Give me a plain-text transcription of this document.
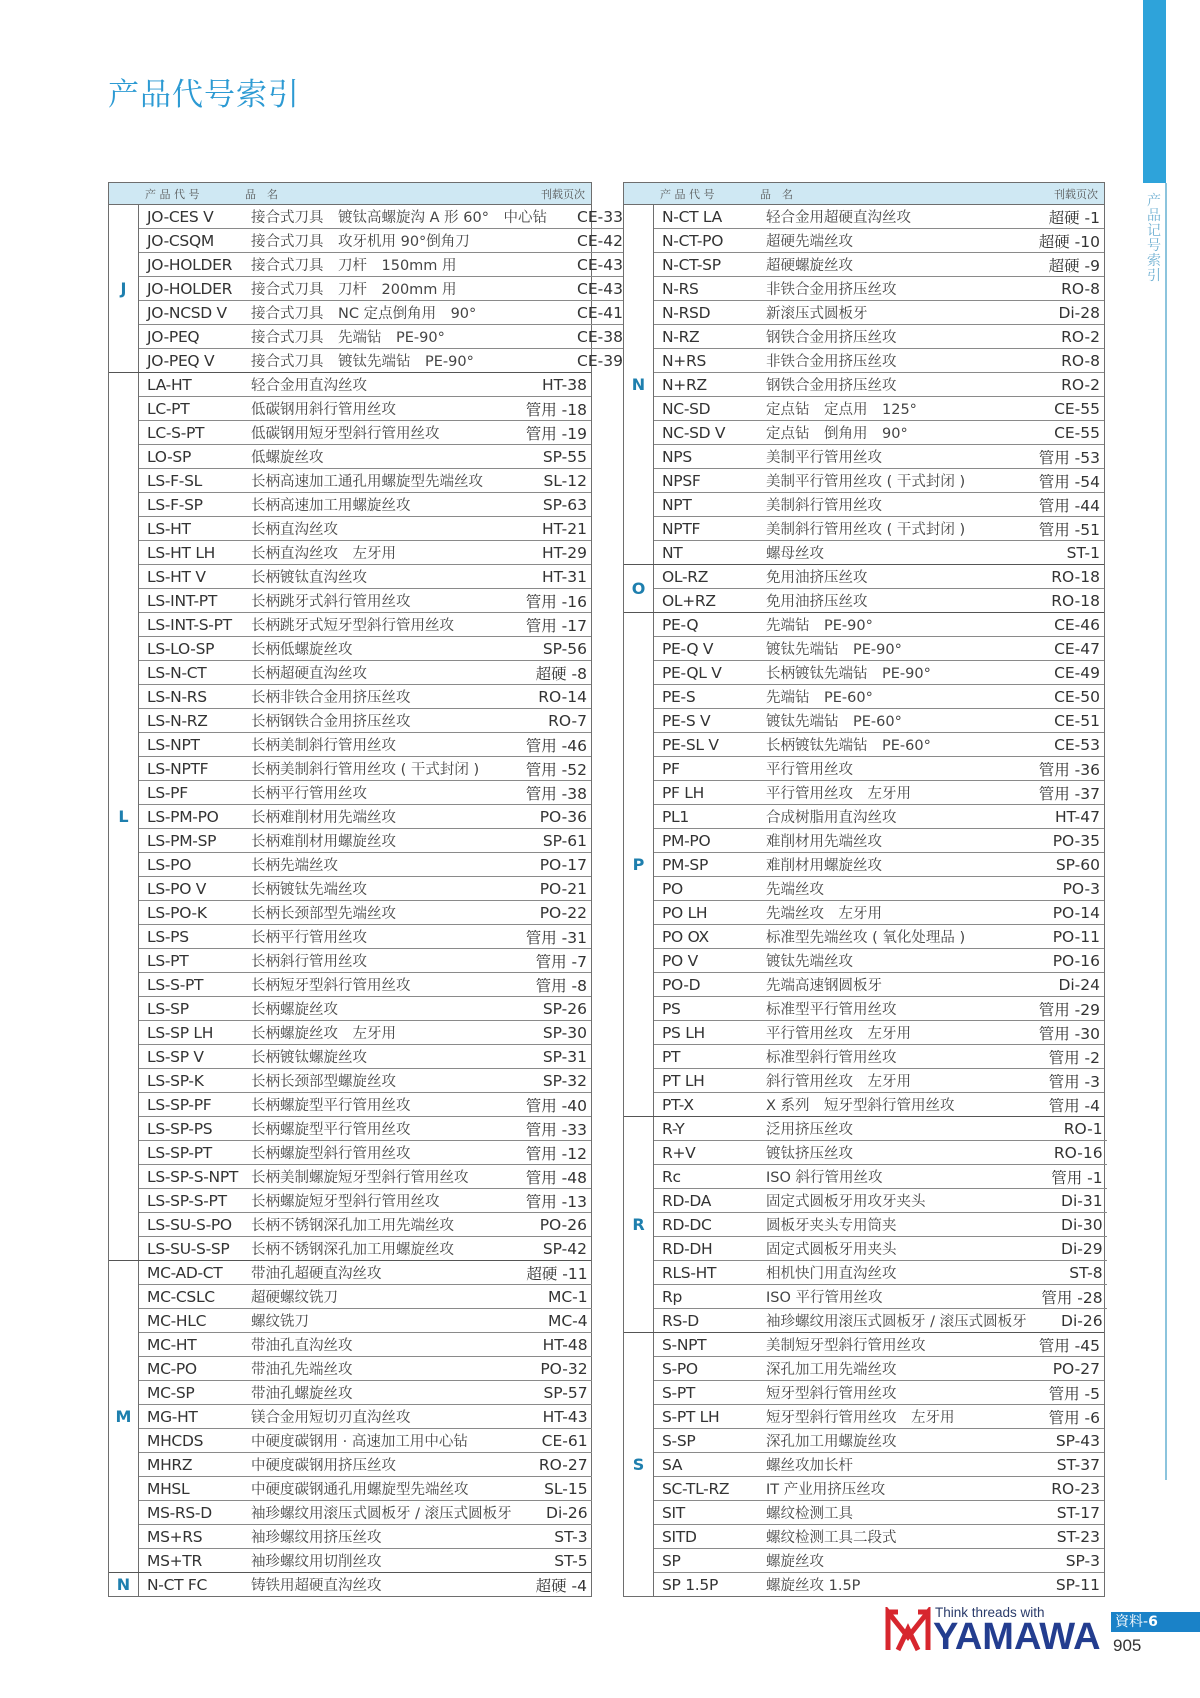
产品代号索引
产品记号索引
产 品 代 号	品　名	刊载页次
J
JO-CES V	接合式刀具　镀钛高螺旋沟 A 形 60°　中心钻	CE-33
JO-CSQM	接合式刀具　攻牙机用 90°倒角刀	CE-42
JO-HOLDER	接合式刀具　刀杆　150mm 用	CE-43
JO-HOLDER	接合式刀具　刀杆　200mm 用	CE-43
JO-NCSD V	接合式刀具　NC 定点倒角用　90°	CE-41
JO-PEQ	接合式刀具　先端钻　PE-90°	CE-38
JO-PEQ V	接合式刀具　镀钛先端钻　PE-90°	CE-39
L
LA-HT	轻合金用直沟丝攻	HT-38
LC-PT	低碳钢用斜行管用丝攻	管用 -18
LC-S-PT	低碳钢用短牙型斜行管用丝攻	管用 -19
LO-SP	低螺旋丝攻	SP-55
LS-F-SL	长柄高速加工通孔用螺旋型先端丝攻	SL-12
LS-F-SP	长柄高速加工用螺旋丝攻	SP-63
LS-HT	长柄直沟丝攻	HT-21
LS-HT LH	长柄直沟丝攻　左牙用	HT-29
LS-HT V	长柄镀钛直沟丝攻	HT-31
LS-INT-PT	长柄跳牙式斜行管用丝攻	管用 -16
LS-INT-S-PT	长柄跳牙式短牙型斜行管用丝攻	管用 -17
LS-LO-SP	长柄低螺旋丝攻	SP-56
LS-N-CT	长柄超硬直沟丝攻	超硬 -8
LS-N-RS	长柄非铁合金用挤压丝攻	RO-14
LS-N-RZ	长柄钢铁合金用挤压丝攻	RO-7
LS-NPT	长柄美制斜行管用丝攻	管用 -46
LS-NPTF	长柄美制斜行管用丝攻 ( 干式封闭 )	管用 -52
LS-PF	长柄平行管用丝攻	管用 -38
LS-PM-PO	长柄难削材用先端丝攻	PO-36
LS-PM-SP	长柄难削材用螺旋丝攻	SP-61
LS-PO	长柄先端丝攻	PO-17
LS-PO V	长柄镀钛先端丝攻	PO-21
LS-PO-K	长柄长颈部型先端丝攻	PO-22
LS-PS	长柄平行管用丝攻	管用 -31
LS-PT	长柄斜行管用丝攻	管用 -7
LS-S-PT	长柄短牙型斜行管用丝攻	管用 -8
LS-SP	长柄螺旋丝攻	SP-26
LS-SP LH	长柄螺旋丝攻　左牙用	SP-30
LS-SP V	长柄镀钛螺旋丝攻	SP-31
LS-SP-K	长柄长颈部型螺旋丝攻	SP-32
LS-SP-PF	长柄螺旋型平行管用丝攻	管用 -40
LS-SP-PS	长柄螺旋型平行管用丝攻	管用 -33
LS-SP-PT	长柄螺旋型斜行管用丝攻	管用 -12
LS-SP-S-NPT 长柄美制螺旋短牙型斜行管用丝攻	管用 -48
LS-SP-S-PT	长柄螺旋短牙型斜行管用丝攻	管用 -13
LS-SU-S-PO	长柄不锈钢深孔加工用先端丝攻	PO-26
LS-SU-S-SP	长柄不锈钢深孔加工用螺旋丝攻	SP-42
M
MC-AD-CT	带油孔超硬直沟丝攻	超硬 -11
MC-CSLC	超硬螺纹铣刀	MC-1
MC-HLC	螺纹铣刀	MC-4
MC-HT	带油孔直沟丝攻	HT-48
MC-PO	带油孔先端丝攻	PO-32
MC-SP	带油孔螺旋丝攻	SP-57
MG-HT	镁合金用短切刃直沟丝攻	HT-43
MHCDS	中硬度碳钢用 · 高速加工用中心钻	CE-61
MHRZ	中硬度碳钢用挤压丝攻	RO-27
MHSL	中硬度碳钢通孔用螺旋型先端丝攻	SL-15
MS-RS-D	袖珍螺纹用滚压式圆板牙 / 滚压式圆板牙	Di-26
MS+RS	袖珍螺纹用挤压丝攻	ST-3
MS+TR	袖珍螺纹用切削丝攻	ST-5
N	N-CT FC	铸铁用超硬直沟丝攻	超硬 -4
产 品 代 号	品　名	刊载页次
N
N-CT LA	轻合金用超硬直沟丝攻	超硬 -1
N-CT-PO	超硬先端丝攻	超硬 -10
N-CT-SP	超硬螺旋丝攻	超硬 -9
N-RS	非铁合金用挤压丝攻	RO-8
N-RSD	新滚压式圆板牙	Di-28
N-RZ	钢铁合金用挤压丝攻	RO-2
N+RS	非铁合金用挤压丝攻	RO-8
N+RZ	钢铁合金用挤压丝攻	RO-2
NC-SD	定点钻　定点用　125°	CE-55
NC-SD V	定点钻　倒角用　90°	CE-55
NPS	美制平行管用丝攻	管用 -53
NPSF	美制平行管用丝攻 ( 干式封闭 )	管用 -54
NPT	美制斜行管用丝攻	管用 -44
NPTF	美制斜行管用丝攻 ( 干式封闭 )	管用 -51
NT	螺母丝攻	ST-1
O
OL-RZ	免用油挤压丝攻	RO-18
OL+RZ	免用油挤压丝攻	RO-18
P
PE-Q	先端钻　PE-90°	CE-46
PE-Q V	镀钛先端钻　PE-90°	CE-47
PE-QL V	长柄镀钛先端钻　PE-90°	CE-49
PE-S	先端钻　PE-60°	CE-50
PE-S V	镀钛先端钻　PE-60°	CE-51
PE-SL V	长柄镀钛先端钻　PE-60°	CE-53
PF	平行管用丝攻	管用 -36
PF LH	平行管用丝攻　左牙用	管用 -37
PL1	合成树脂用直沟丝攻	HT-47
PM-PO	难削材用先端丝攻	PO-35
PM-SP	难削材用螺旋丝攻	SP-60
PO	先端丝攻	PO-3
PO LH	先端丝攻　左牙用	PO-14
PO OX	标准型先端丝攻 ( 氧化处理品 )	PO-11
PO V	镀钛先端丝攻	PO-16
PO-D	先端高速钢圆板牙	Di-24
PS	标准型平行管用丝攻	管用 -29
PS LH	平行管用丝攻　左牙用	管用 -30
PT	标准型斜行管用丝攻	管用 -2
PT LH	斜行管用丝攻　左牙用	管用 -3
PT-X	X 系列　短牙型斜行管用丝攻	管用 -4
R
R-Y	泛用挤压丝攻	RO-1
R+V	镀钛挤压丝攻	RO-16
Rc	ISO 斜行管用丝攻	管用 -1
RD-DA	固定式圆板牙用攻牙夹头	Di-31
RD-DC	圆板牙夹头专用筒夹	Di-30
RD-DH	固定式圆板牙用夹头	Di-29
RLS-HT	相机快门用直沟丝攻	ST-8
Rp	ISO 平行管用丝攻	管用 -28
RS-D	袖珍螺纹用滚压式圆板牙 / 滚压式圆板牙	Di-26
S
S-NPT	美制短牙型斜行管用丝攻	管用 -45
S-PO	深孔加工用先端丝攻	PO-27
S-PT	短牙型斜行管用丝攻	管用 -5
S-PT LH	短牙型斜行管用丝攻　左牙用	管用 -6
S-SP	深孔加工用螺旋丝攻	SP-43
SA	螺丝攻加长杆	ST-37
SC-TL-RZ	IT 产业用挤压丝攻	RO-23
SIT	螺纹检测工具	ST-17
SITD	螺纹检测工具二段式	ST-23
SP	螺旋丝攻	SP-3
SP 1.5P	螺旋丝攻 1.5P	SP-11
Think threads with
YAMAWA 資料-6
905
